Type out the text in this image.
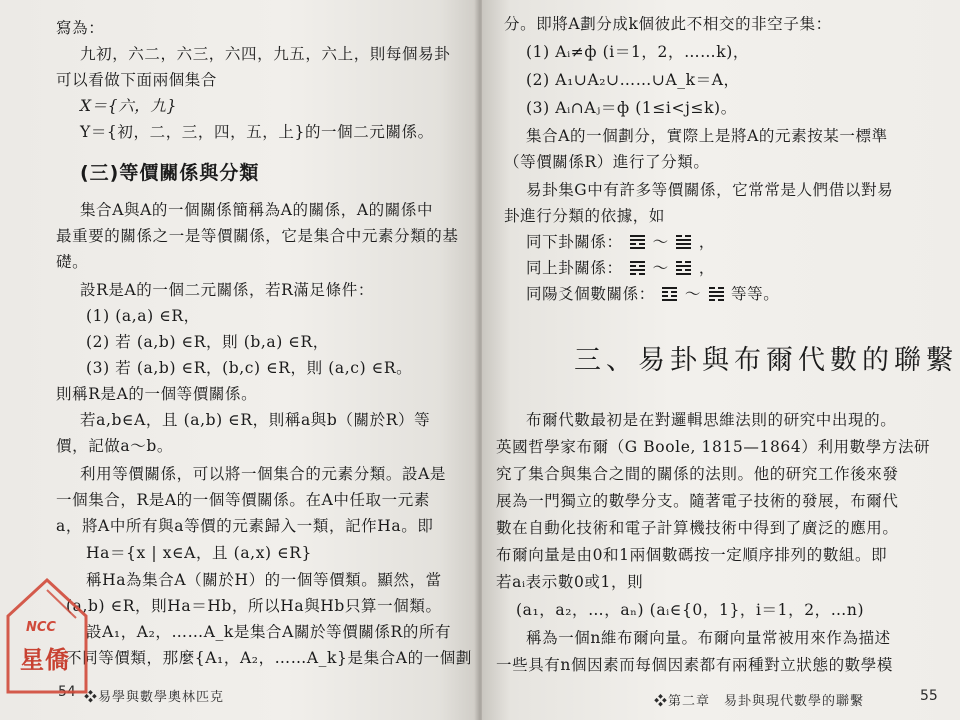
寫為：
九初，六二，六三，六四，九五，六上，則每個易卦
可以看做下面兩個集合
X＝{六，九}
Y＝{初，二，三，四，五，上}的一個二元關係。
(三)等價關係與分類
集合A與A的一個關係簡稱為A的關係，A的關係中
最重要的關係之一是等價關係，它是集合中元素分類的基
礎。
設R是A的一個二元關係，若R滿足條件：
(1) (a,a) ∈R，
(2) 若 (a,b) ∈R，則 (b,a) ∈R，
(3) 若 (a,b) ∈R，(b,c) ∈R，則 (a,c) ∈R。
則稱R是A的一個等價關係。
若a,b∈A，且 (a,b) ∈R，則稱a與b（關於R）等
價，記做a～b。
利用等價關係，可以將一個集合的元素分類。設A是
一個集合，R是A的一個等價關係。在A中任取一元素
a，將A中所有與a等價的元素歸入一類，記作Ha。即
Ha＝{x | x∈A，且 (a,x) ∈R}
稱Ha為集合A（關於H）的一個等價類。顯然，當
(a,b) ∈R，則Ha＝Hb，所以Ha與Hb只算一個類。
設A₁，A₂，……A_k是集合A關於等價關係R的所有
不同等價類，那麼{A₁，A₂，……A_k}是集合A的一個劃
54 ❖易學與數學奧林匹克
NCC
星僑
分。即將A劃分成k個彼此不相交的非空子集：
(1) Aᵢ≠ф (i＝1，2，……k)，
(2) A₁∪A₂∪……∪A_k＝A，
(3) Aᵢ∩Aⱼ＝ф (1≤i<j≤k)。
集合A的一個劃分，實際上是將A的元素按某一標準
（等價關係R）進行了分類。
易卦集G中有許多等價關係，它常常是人們借以對易
卦進行分類的依據，如
同下卦關係： ～ ，
同上卦關係： ～ ，
同陽爻個數關係： ～ 等等。
三、易卦與布爾代數的聯繫
布爾代數最初是在對邏輯思維法則的研究中出現的。
英國哲學家布爾（G Boole, 1815—1864）利用數學方法研
究了集合與集合之間的關係的法則。他的研究工作後來發
展為一門獨立的數學分支。隨著電子技術的發展，布爾代
數在自動化技術和電子計算機技術中得到了廣泛的應用。
布爾向量是由0和1兩個數碼按一定順序排列的數組。即
若aᵢ表示數0或1，則
(a₁，a₂，…，aₙ) (aᵢ∈{0，1}，i＝1，2，…n)
稱為一個n維布爾向量。布爾向量常被用來作為描述
一些具有n個因素而每個因素都有兩種對立狀態的數學模
❖第二章　易卦與現代數學的聯繫	55
